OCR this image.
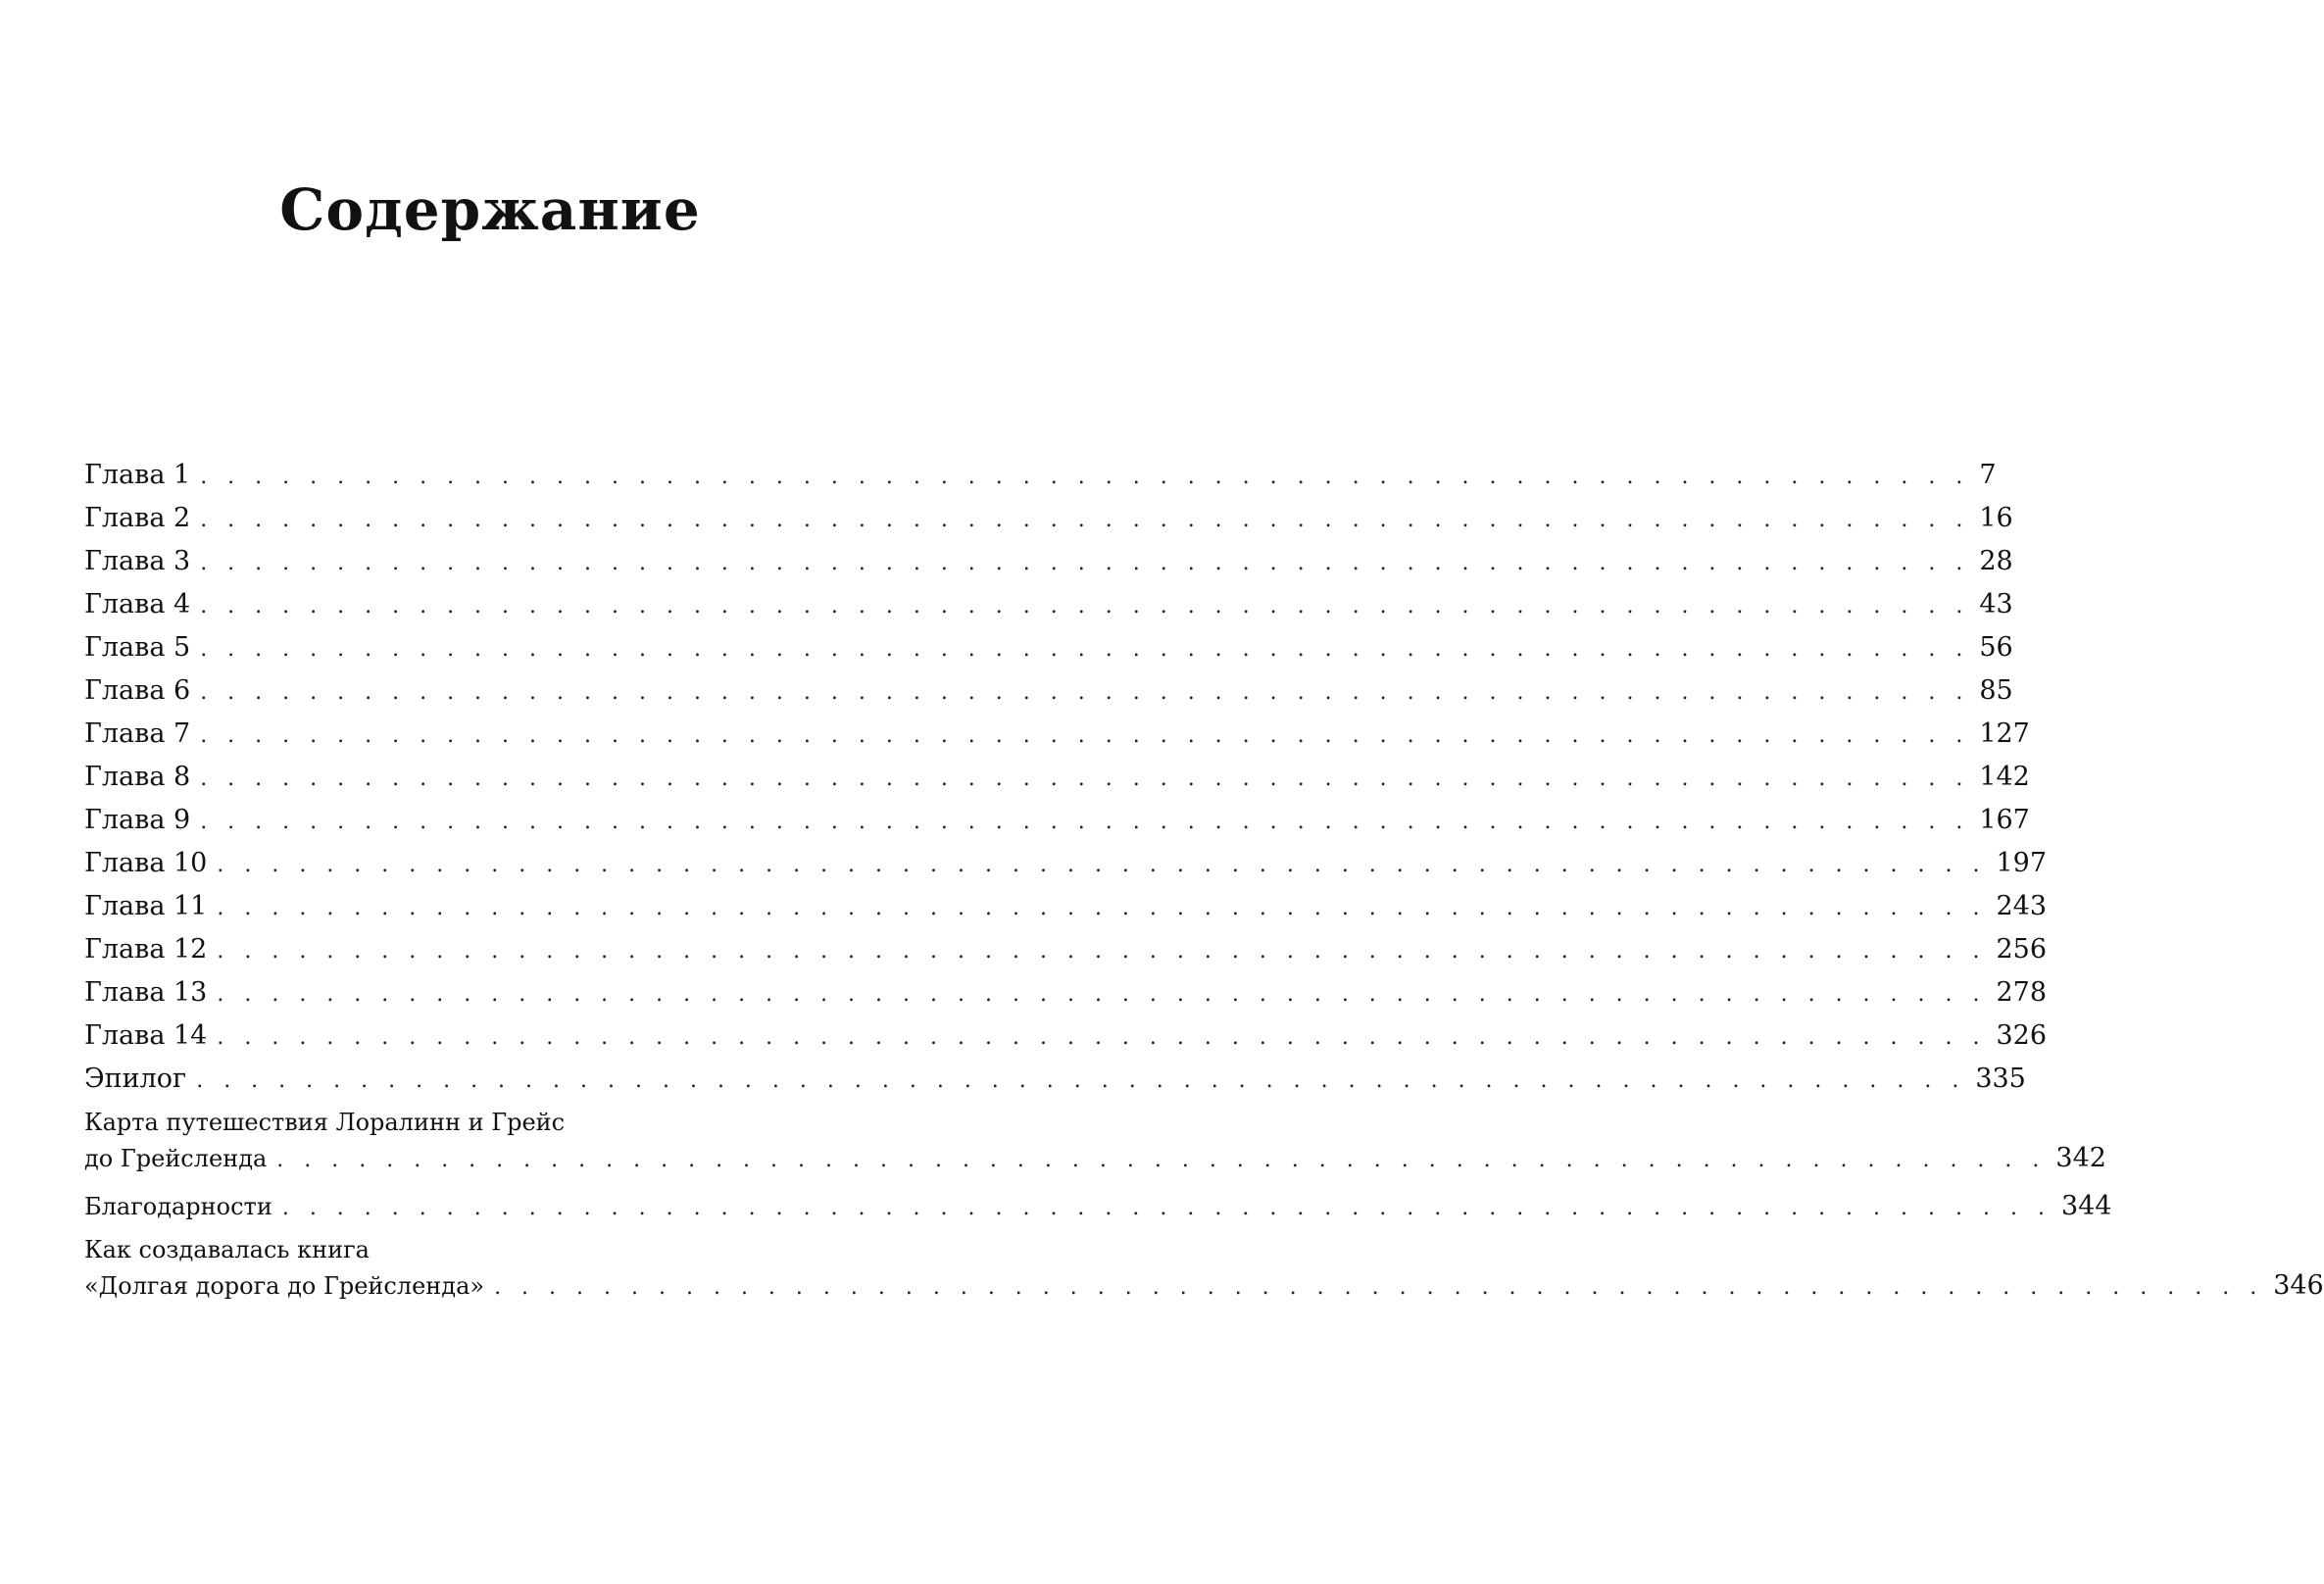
Содержание
Глава 1 . . . . . . . . . . . . . . . . . . . . . . . . . . . . . . . . . . . . . . . . . . . . . . . . . . . . . . . . . . . . . . . . . 7
Глава 2 . . . . . . . . . . . . . . . . . . . . . . . . . . . . . . . . . . . . . . . . . . . . . . . . . . . . . . . . . . . . . . . . . 16
Глава 3 . . . . . . . . . . . . . . . . . . . . . . . . . . . . . . . . . . . . . . . . . . . . . . . . . . . . . . . . . . . . . . . . . 28
Глава 4 . . . . . . . . . . . . . . . . . . . . . . . . . . . . . . . . . . . . . . . . . . . . . . . . . . . . . . . . . . . . . . . . . 43
Глава 5 . . . . . . . . . . . . . . . . . . . . . . . . . . . . . . . . . . . . . . . . . . . . . . . . . . . . . . . . . . . . . . . . . 56
Глава 6 . . . . . . . . . . . . . . . . . . . . . . . . . . . . . . . . . . . . . . . . . . . . . . . . . . . . . . . . . . . . . . . . . 85
Глава 7 . . . . . . . . . . . . . . . . . . . . . . . . . . . . . . . . . . . . . . . . . . . . . . . . . . . . . . . . . . . . . . . . . 127
Глава 8 . . . . . . . . . . . . . . . . . . . . . . . . . . . . . . . . . . . . . . . . . . . . . . . . . . . . . . . . . . . . . . . . . 142
Глава 9 . . . . . . . . . . . . . . . . . . . . . . . . . . . . . . . . . . . . . . . . . . . . . . . . . . . . . . . . . . . . . . . . . 167
Глава 10 . . . . . . . . . . . . . . . . . . . . . . . . . . . . . . . . . . . . . . . . . . . . . . . . . . . . . . . . . . . . . . . . . 197
Глава 11 . . . . . . . . . . . . . . . . . . . . . . . . . . . . . . . . . . . . . . . . . . . . . . . . . . . . . . . . . . . . . . . . . 243
Глава 12 . . . . . . . . . . . . . . . . . . . . . . . . . . . . . . . . . . . . . . . . . . . . . . . . . . . . . . . . . . . . . . . . . 256
Глава 13 . . . . . . . . . . . . . . . . . . . . . . . . . . . . . . . . . . . . . . . . . . . . . . . . . . . . . . . . . . . . . . . . . 278
Глава 14 . . . . . . . . . . . . . . . . . . . . . . . . . . . . . . . . . . . . . . . . . . . . . . . . . . . . . . . . . . . . . . . . . 326
Эпилог . . . . . . . . . . . . . . . . . . . . . . . . . . . . . . . . . . . . . . . . . . . . . . . . . . . . . . . . . . . . . . . . . 335
Карта путешествия Лоралинн и Грейс
до Грейсленда . . . . . . . . . . . . . . . . . . . . . . . . . . . . . . . . . . . . . . . . . . . . . . . . . . . . . . . . . . . . . . . . . 342
Благодарности . . . . . . . . . . . . . . . . . . . . . . . . . . . . . . . . . . . . . . . . . . . . . . . . . . . . . . . . . . . . . . . . . 344
Как создавалась книга
«Долгая дорога до Грейсленда» . . . . . . . . . . . . . . . . . . . . . . . . . . . . . . . . . . . . . . . . . . . . . . . . . . . . . . . . . . . . . . . . . 346
